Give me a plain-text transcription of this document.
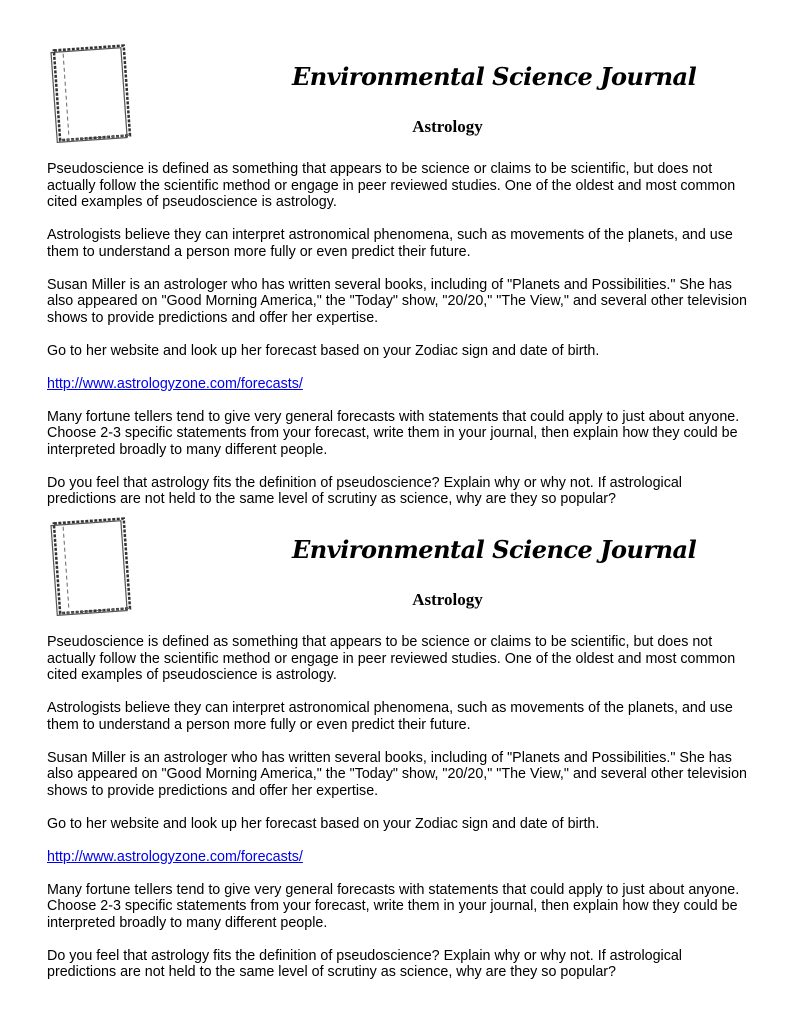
Environmental Science Journal
Astrology

Pseudoscience is defined as something that appears to be science or claims to be scientific, but does not actually follow the scientific method or engage in peer reviewed studies. One of the oldest and most common cited examples of pseudoscience is astrology.

Astrologists believe they can interpret astronomical phenomena, such as movements of the planets, and use them to understand a person more fully or even predict their future.

Susan Miller is an astrologer who has written several books, including of "Planets and Possibilities." She has also appeared on "Good Morning America," the "Today" show, "20/20," "The View," and several other television shows to provide predictions and offer her expertise.

Go to her website and look up her forecast based on your Zodiac sign and date of birth.

http://www.astrologyzone.com/forecasts/

Many fortune tellers tend to give very general forecasts with statements that could apply to just about anyone. Choose 2-3 specific statements from your forecast, write them in your journal, then explain how they could be interpreted broadly to many different people.

Do you feel that astrology fits the definition of pseudoscience? Explain why or why not. If astrological predictions are not held to the same level of scrutiny as science, why are they so popular?

Environmental Science Journal
Astrology

Pseudoscience is defined as something that appears to be science or claims to be scientific, but does not actually follow the scientific method or engage in peer reviewed studies. One of the oldest and most common cited examples of pseudoscience is astrology.

Astrologists believe they can interpret astronomical phenomena, such as movements of the planets, and use them to understand a person more fully or even predict their future.

Susan Miller is an astrologer who has written several books, including of "Planets and Possibilities." She has also appeared on "Good Morning America," the "Today" show, "20/20," "The View," and several other television shows to provide predictions and offer her expertise.

Go to her website and look up her forecast based on your Zodiac sign and date of birth.

http://www.astrologyzone.com/forecasts/

Many fortune tellers tend to give very general forecasts with statements that could apply to just about anyone. Choose 2-3 specific statements from your forecast, write them in your journal, then explain how they could be interpreted broadly to many different people.

Do you feel that astrology fits the definition of pseudoscience? Explain why or why not. If astrological predictions are not held to the same level of scrutiny as science, why are they so popular?
